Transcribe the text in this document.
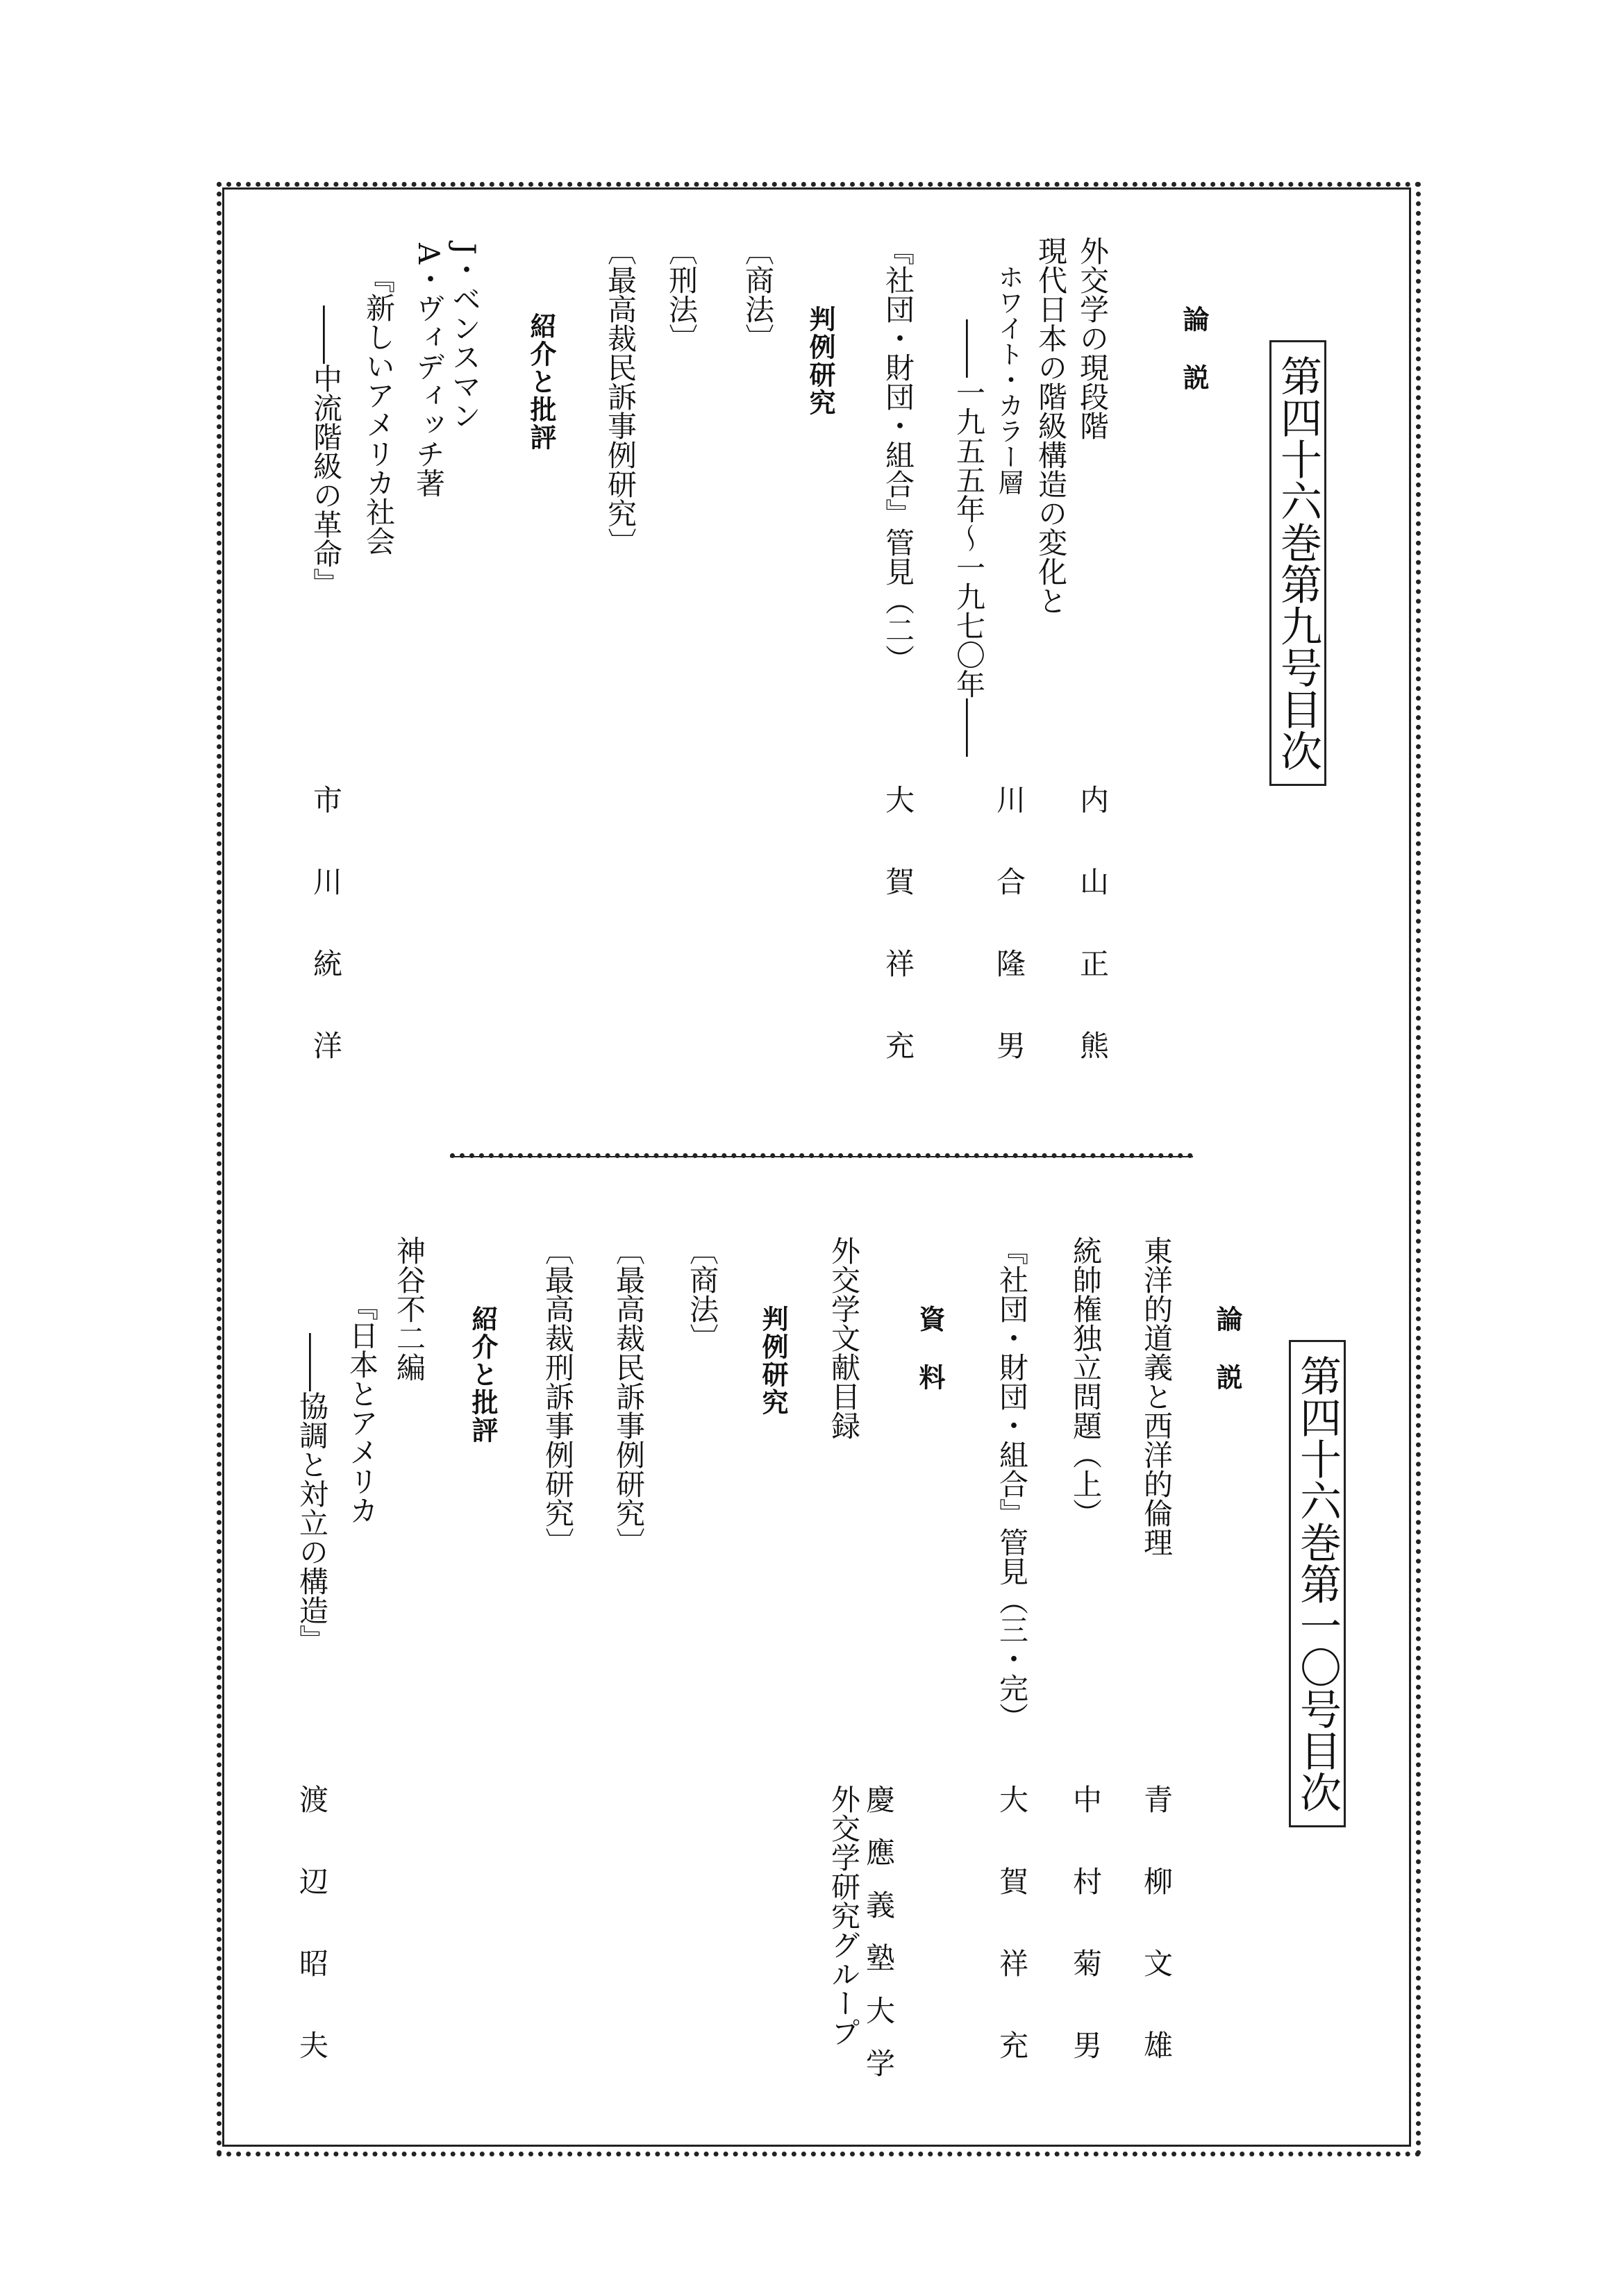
第四十六巻第九号目次
論説
外交学の現段階
内山正熊
現代日本の階級構造の変化と
ホワイト・カラー層
――一九五五年～一九七〇年――
川合隆男
『社団・財団・組合』管見（二）
大賀祥充
判例研究
〔商法〕
〔刑法〕
〔最高裁民訴事例研究〕
紹介と批評
J・ベンスマン
A・ヴィディッチ著
『新しいアメリカ社会
――中流階級の革命』
市川統洋
第四十六巻第一〇号目次
論説
東洋的道義と西洋的倫理
青柳文雄
統帥権独立問題（上）
中村菊男
『社団・財団・組合』管見（三・完）
大賀祥充
資料
外交学文献目録
慶應義塾大学
外交学研究グループ
判例研究
〔商法〕
〔最高裁民訴事例研究〕
〔最高裁刑訴事例研究〕
紹介と批評
神谷不二編
『日本とアメリカ
――協調と対立の構造』
渡辺昭夫
